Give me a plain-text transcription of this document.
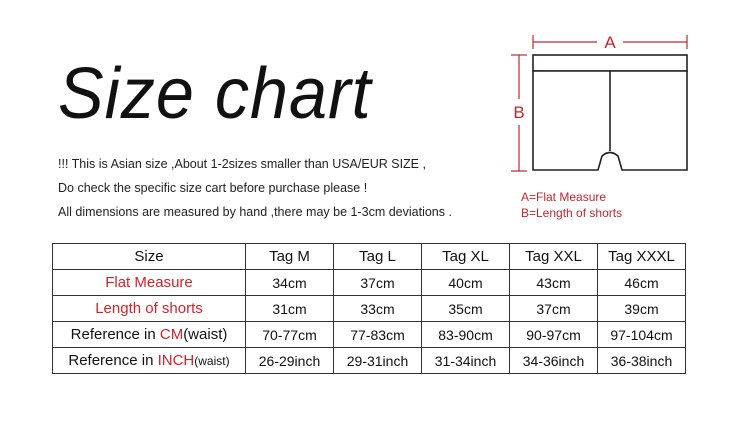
Size chart
!!! This is Asian size ,About 1-2sizes smaller than USA/EUR SIZE ,
Do check the specific size cart before purchase please !
All dimensions are measured by hand ,there may be 1-3cm deviations .
A
B
A=Flat Measure
B=Length of shorts
Size	Tag M	Tag L	Tag XL	Tag XXL	Tag XXXL
Flat Measure	34cm	37cm	40cm	43cm	46cm
Length of shorts	31cm	33cm	35cm	37cm	39cm
Reference in CM(waist)	70-77cm	77-83cm	83-90cm	90-97cm	97-104cm
Reference in INCH(waist)	26-29inch	29-31inch	31-34inch	34-36inch	36-38inch
